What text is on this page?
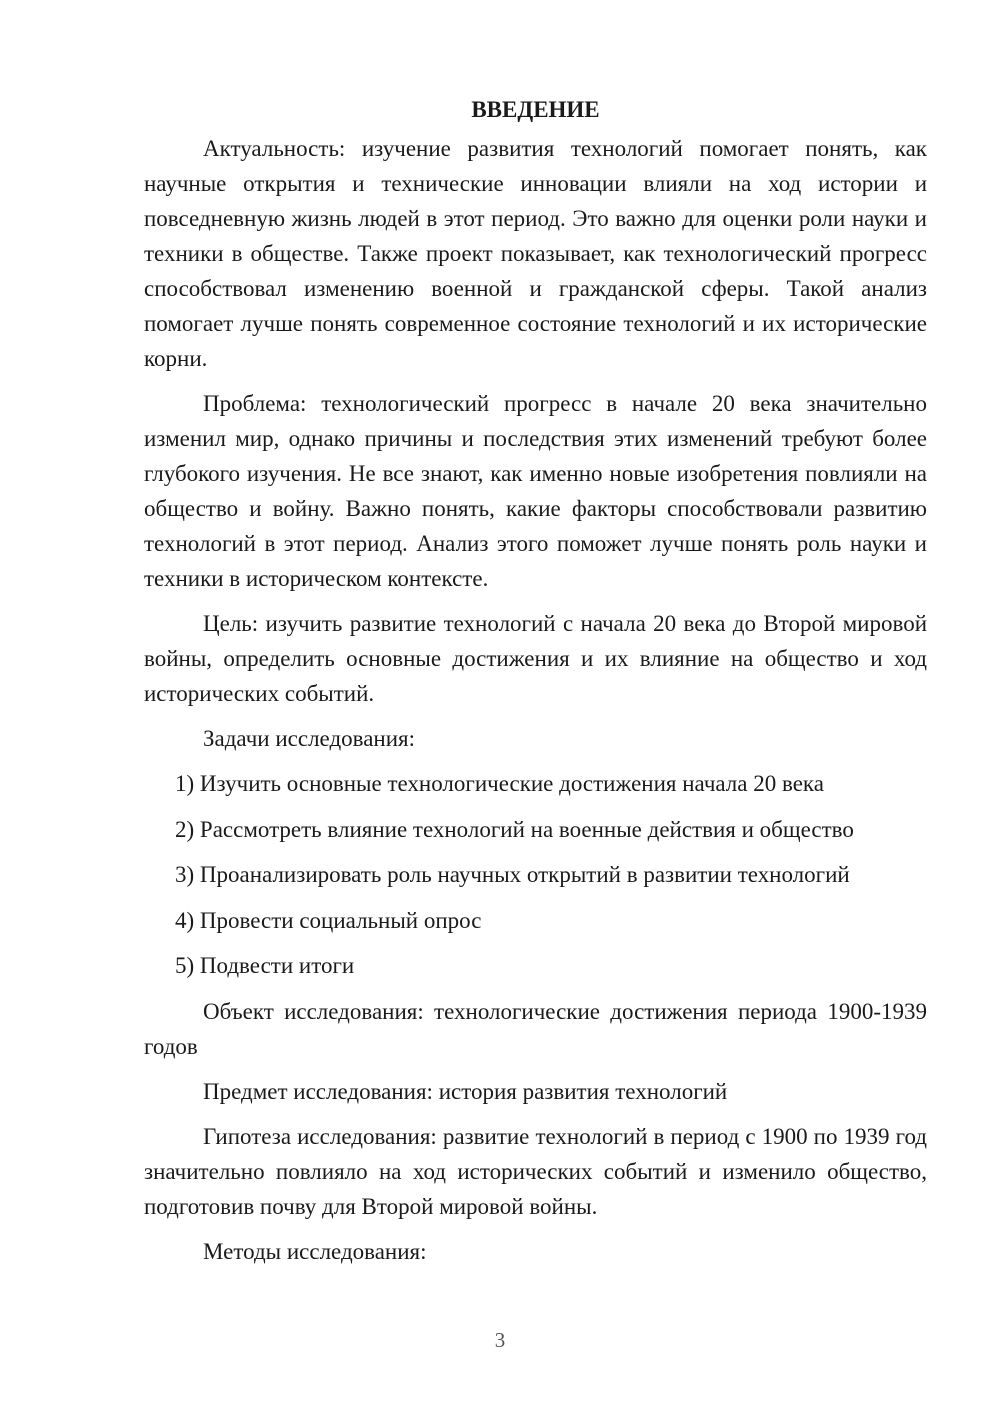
ВВЕДЕНИЕ

Актуальность: изучение развития технологий помогает понять, как научные открытия и технические инновации влияли на ход истории и повседневную жизнь людей в этот период. Это важно для оценки роли науки и техники в обществе. Также проект показывает, как технологический прогресс способствовал изменению военной и гражданской сферы. Такой анализ помогает лучше понять современное состояние технологий и их исторические корни.

Проблема: технологический прогресс в начале 20 века значительно изменил мир, однако причины и последствия этих изменений требуют более глубокого изучения. Не все знают, как именно новые изобретения повлияли на общество и войну. Важно понять, какие факторы способствовали развитию технологий в этот период. Анализ этого поможет лучше понять роль науки и техники в историческом контексте.

Цель: изучить развитие технологий с начала 20 века до Второй мировой войны, определить основные достижения и их влияние на общество и ход исторических событий.

Задачи исследования:

1) Изучить основные технологические достижения начала 20 века
2) Рассмотреть влияние технологий на военные действия и общество
3) Проанализировать роль научных открытий в развитии технологий
4) Провести социальный опрос
5) Подвести итоги

Объект исследования: технологические достижения периода 1900-1939 годов

Предмет исследования: история развития технологий

Гипотеза исследования: развитие технологий в период с 1900 по 1939 год значительно повлияло на ход исторических событий и изменило общество, подготовив почву для Второй мировой войны.

Методы исследования:

3
